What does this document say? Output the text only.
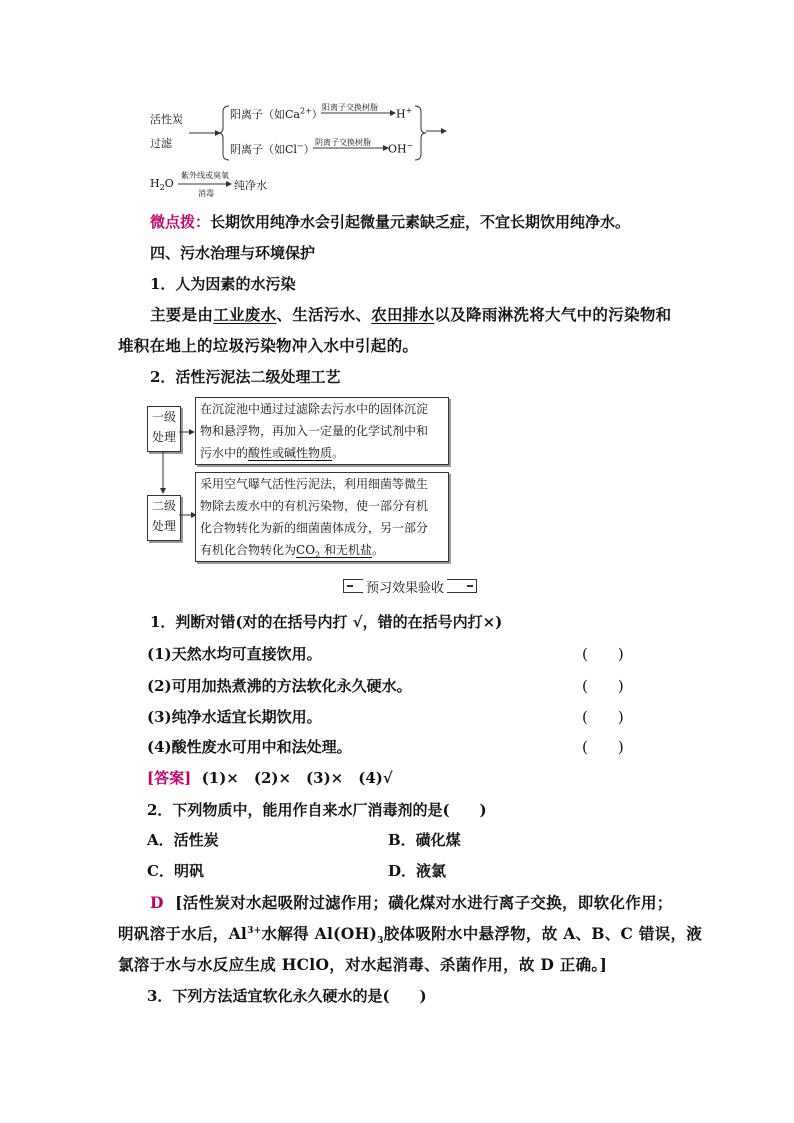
活性炭
过滤
阳离子（如$Ca^{2+}$）
阳离子交换树脂
H+
阴离子（如Cl−）
阴离子交换树脂
OH−
$H_2O$
紫外线或臭氧
消毒
纯净水
微点拨：长期饮用纯净水会引起微量元素缺乏症，不宜长期饮用纯净水。
四、污水治理与环境保护
1．人为因素的水污染
主要是由工业废水、生活污水、农田排水以及降雨淋洗将大气中的污染物和
堆积在地上的垃圾污染物冲入水中引起的。
2．活性污泥法二级处理工艺
一级
处理
在沉淀池中通过过滤除去污水中的固体沉淀
物和悬浮物，再加入一定量的化学试剂中和
污水中的酸性或碱性物质。
二级
处理
采用空气曝气活性污泥法，利用细菌等微生
物除去废水中的有机污染物，使一部分有机
化合物转化为新的细菌菌体成分，另一部分
有机化合物转化为$CO_2$ 和无机盐。
预习效果验收
1．判断对错(对的在括号内打 √，错的在括号内打×)
(1)天然水均可直接饮用。	(　　)
(2)可用加热煮沸的方法软化永久硬水。	(　　)
(3)纯净水适宜长期饮用。	(　　)
(4)酸性废水可用中和法处理。	(　　)
[答案] (1)×　(2)×　(3)×　(4)√
2．下列物质中，能用作自来水厂消毒剂的是(　　)
A．活性炭	B．磺化煤
C．明矾	D．液氯
D [活性炭对水起吸附过滤作用；磺化煤对水进行离子交换，即软化作用；
明矾溶于水后，$Al^{3+}$水解得 $Al(OH)_3$胶体吸附水中悬浮物，故 A、B、C 错误，液
氯溶于水与水反应生成 HClO，对水起消毒、杀菌作用，故 D 正确。]
3．下列方法适宜软化永久硬水的是(　　)
